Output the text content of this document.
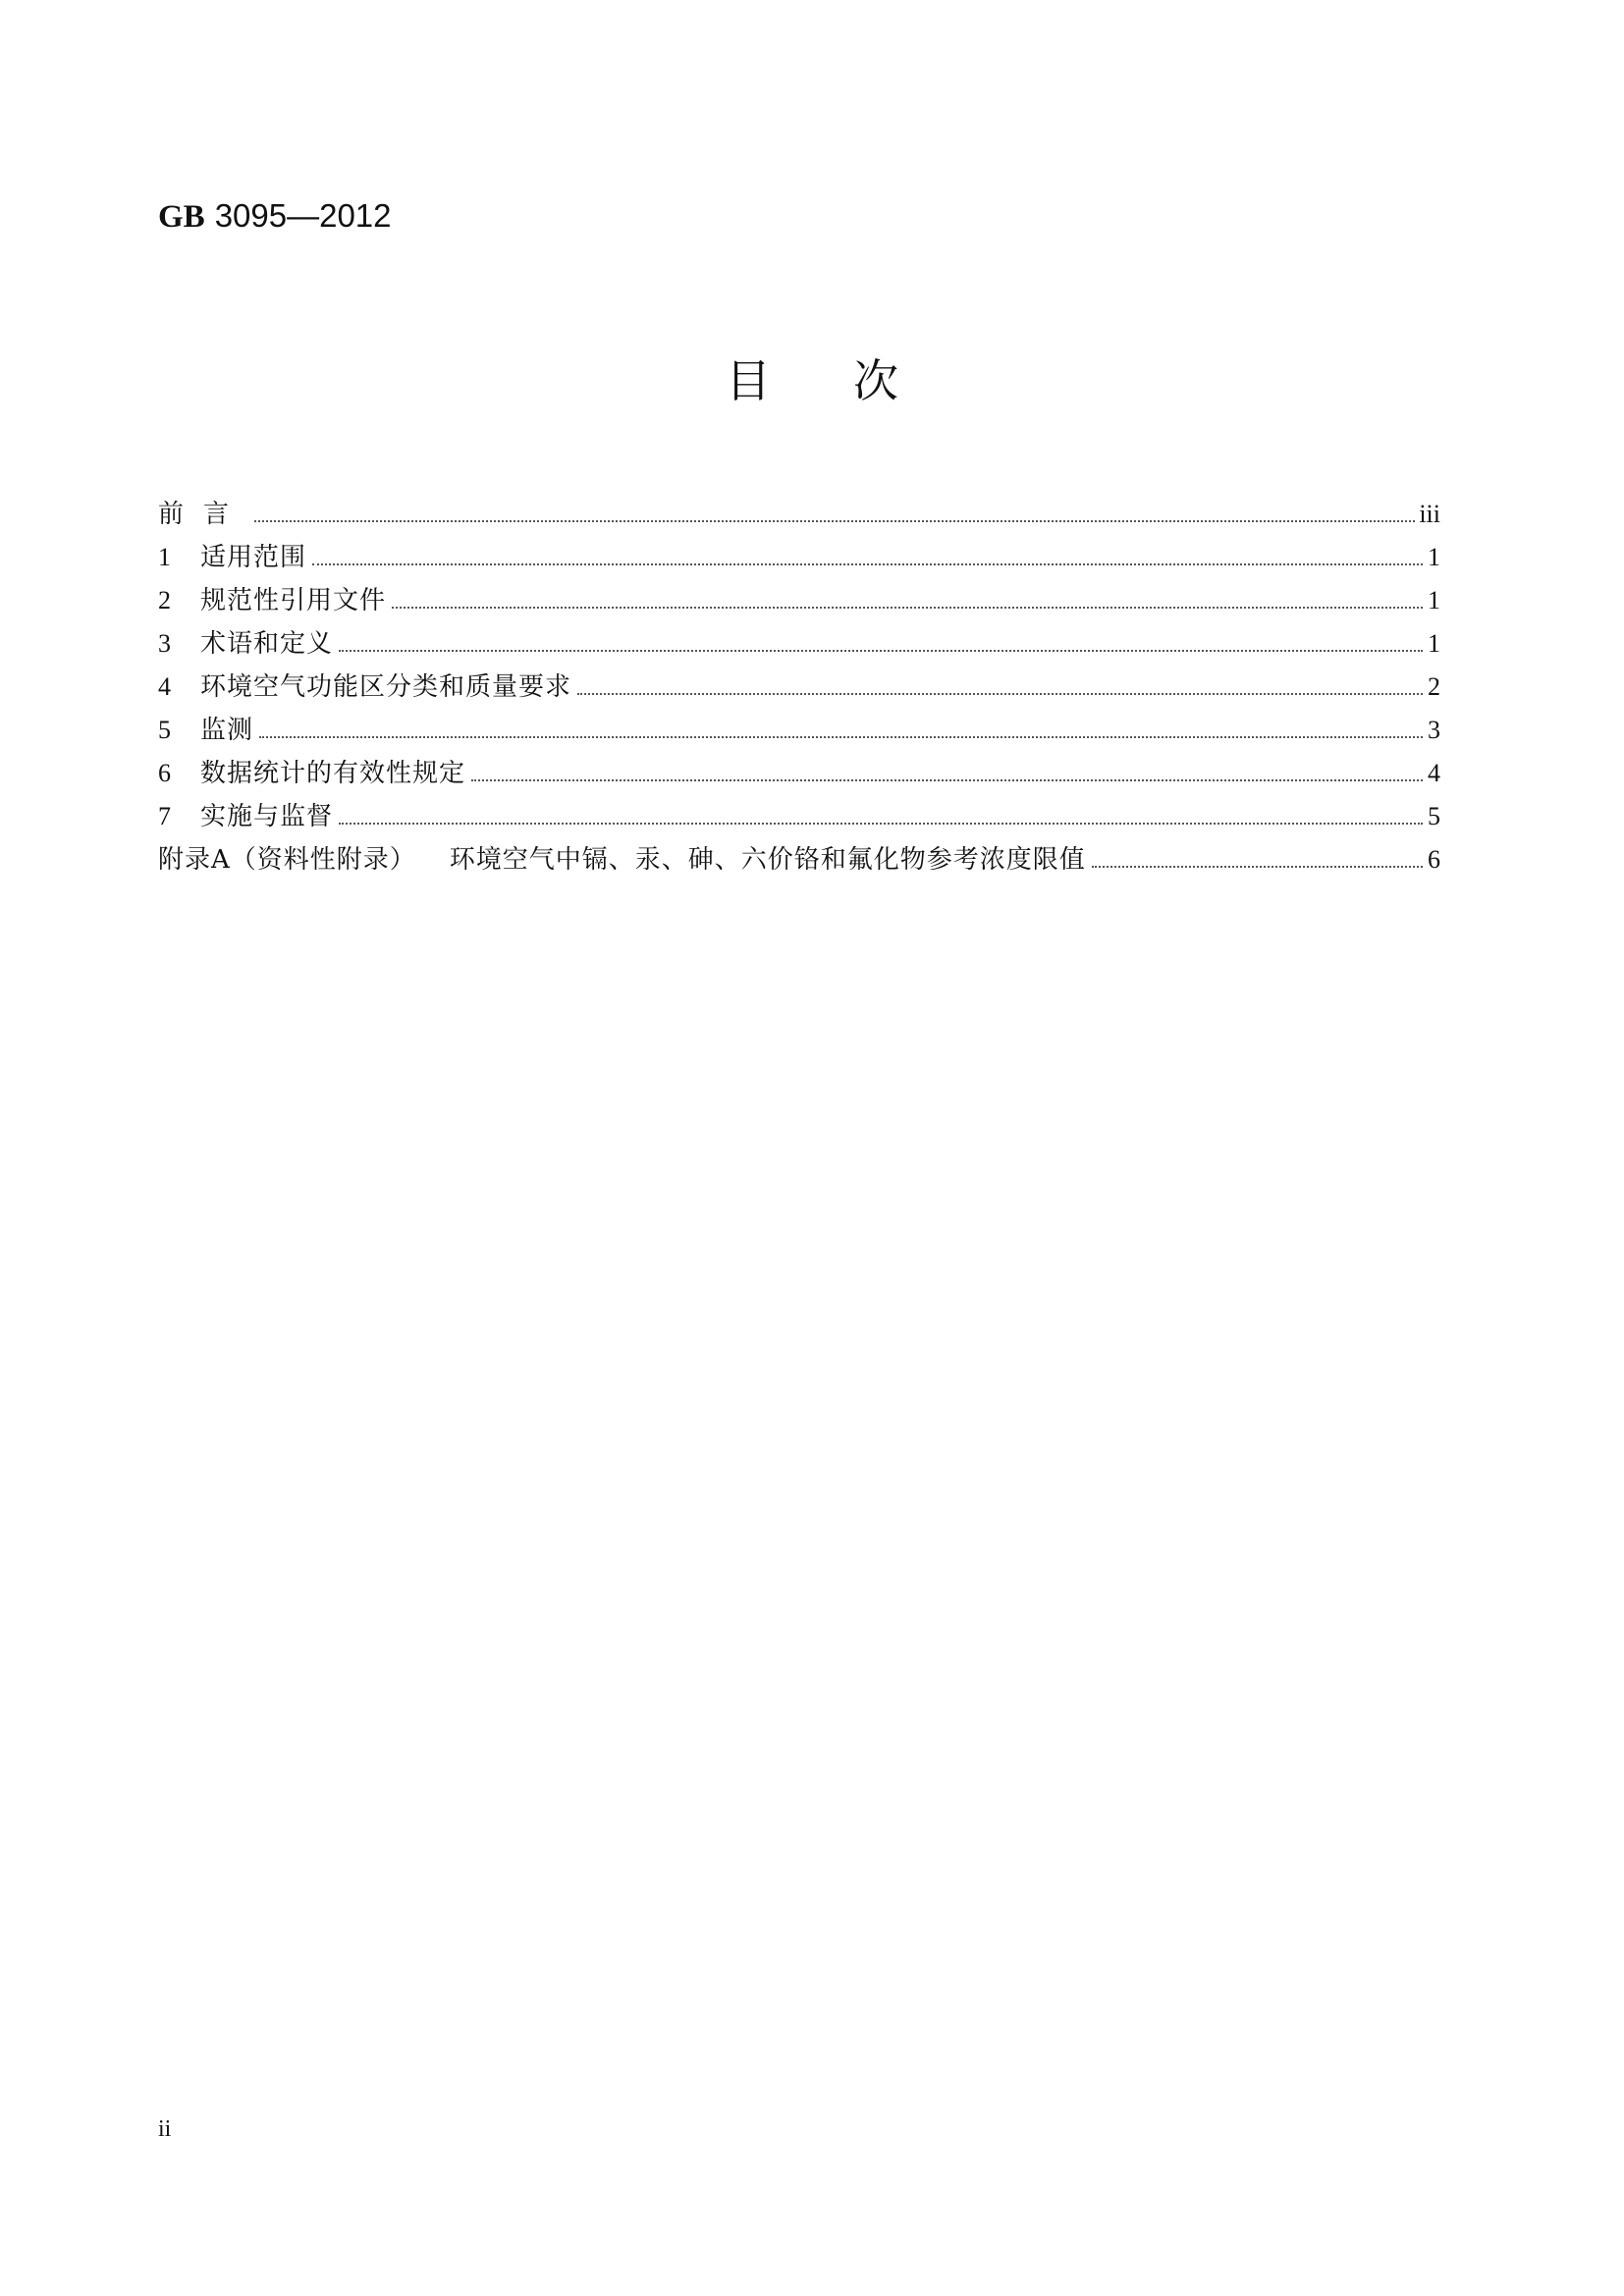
GB 3095—2012
目次
前言	iii
1	适用范围	1
2	规范性引用文件	1
3	术语和定义	1
4	环境空气功能区分类和质量要求	2
5	监测	3
6	数据统计的有效性规定	4
7	实施与监督	5
附录A（资料性附录） 环境空气中镉、汞、砷、六价铬和氟化物参考浓度限值	6
ii
